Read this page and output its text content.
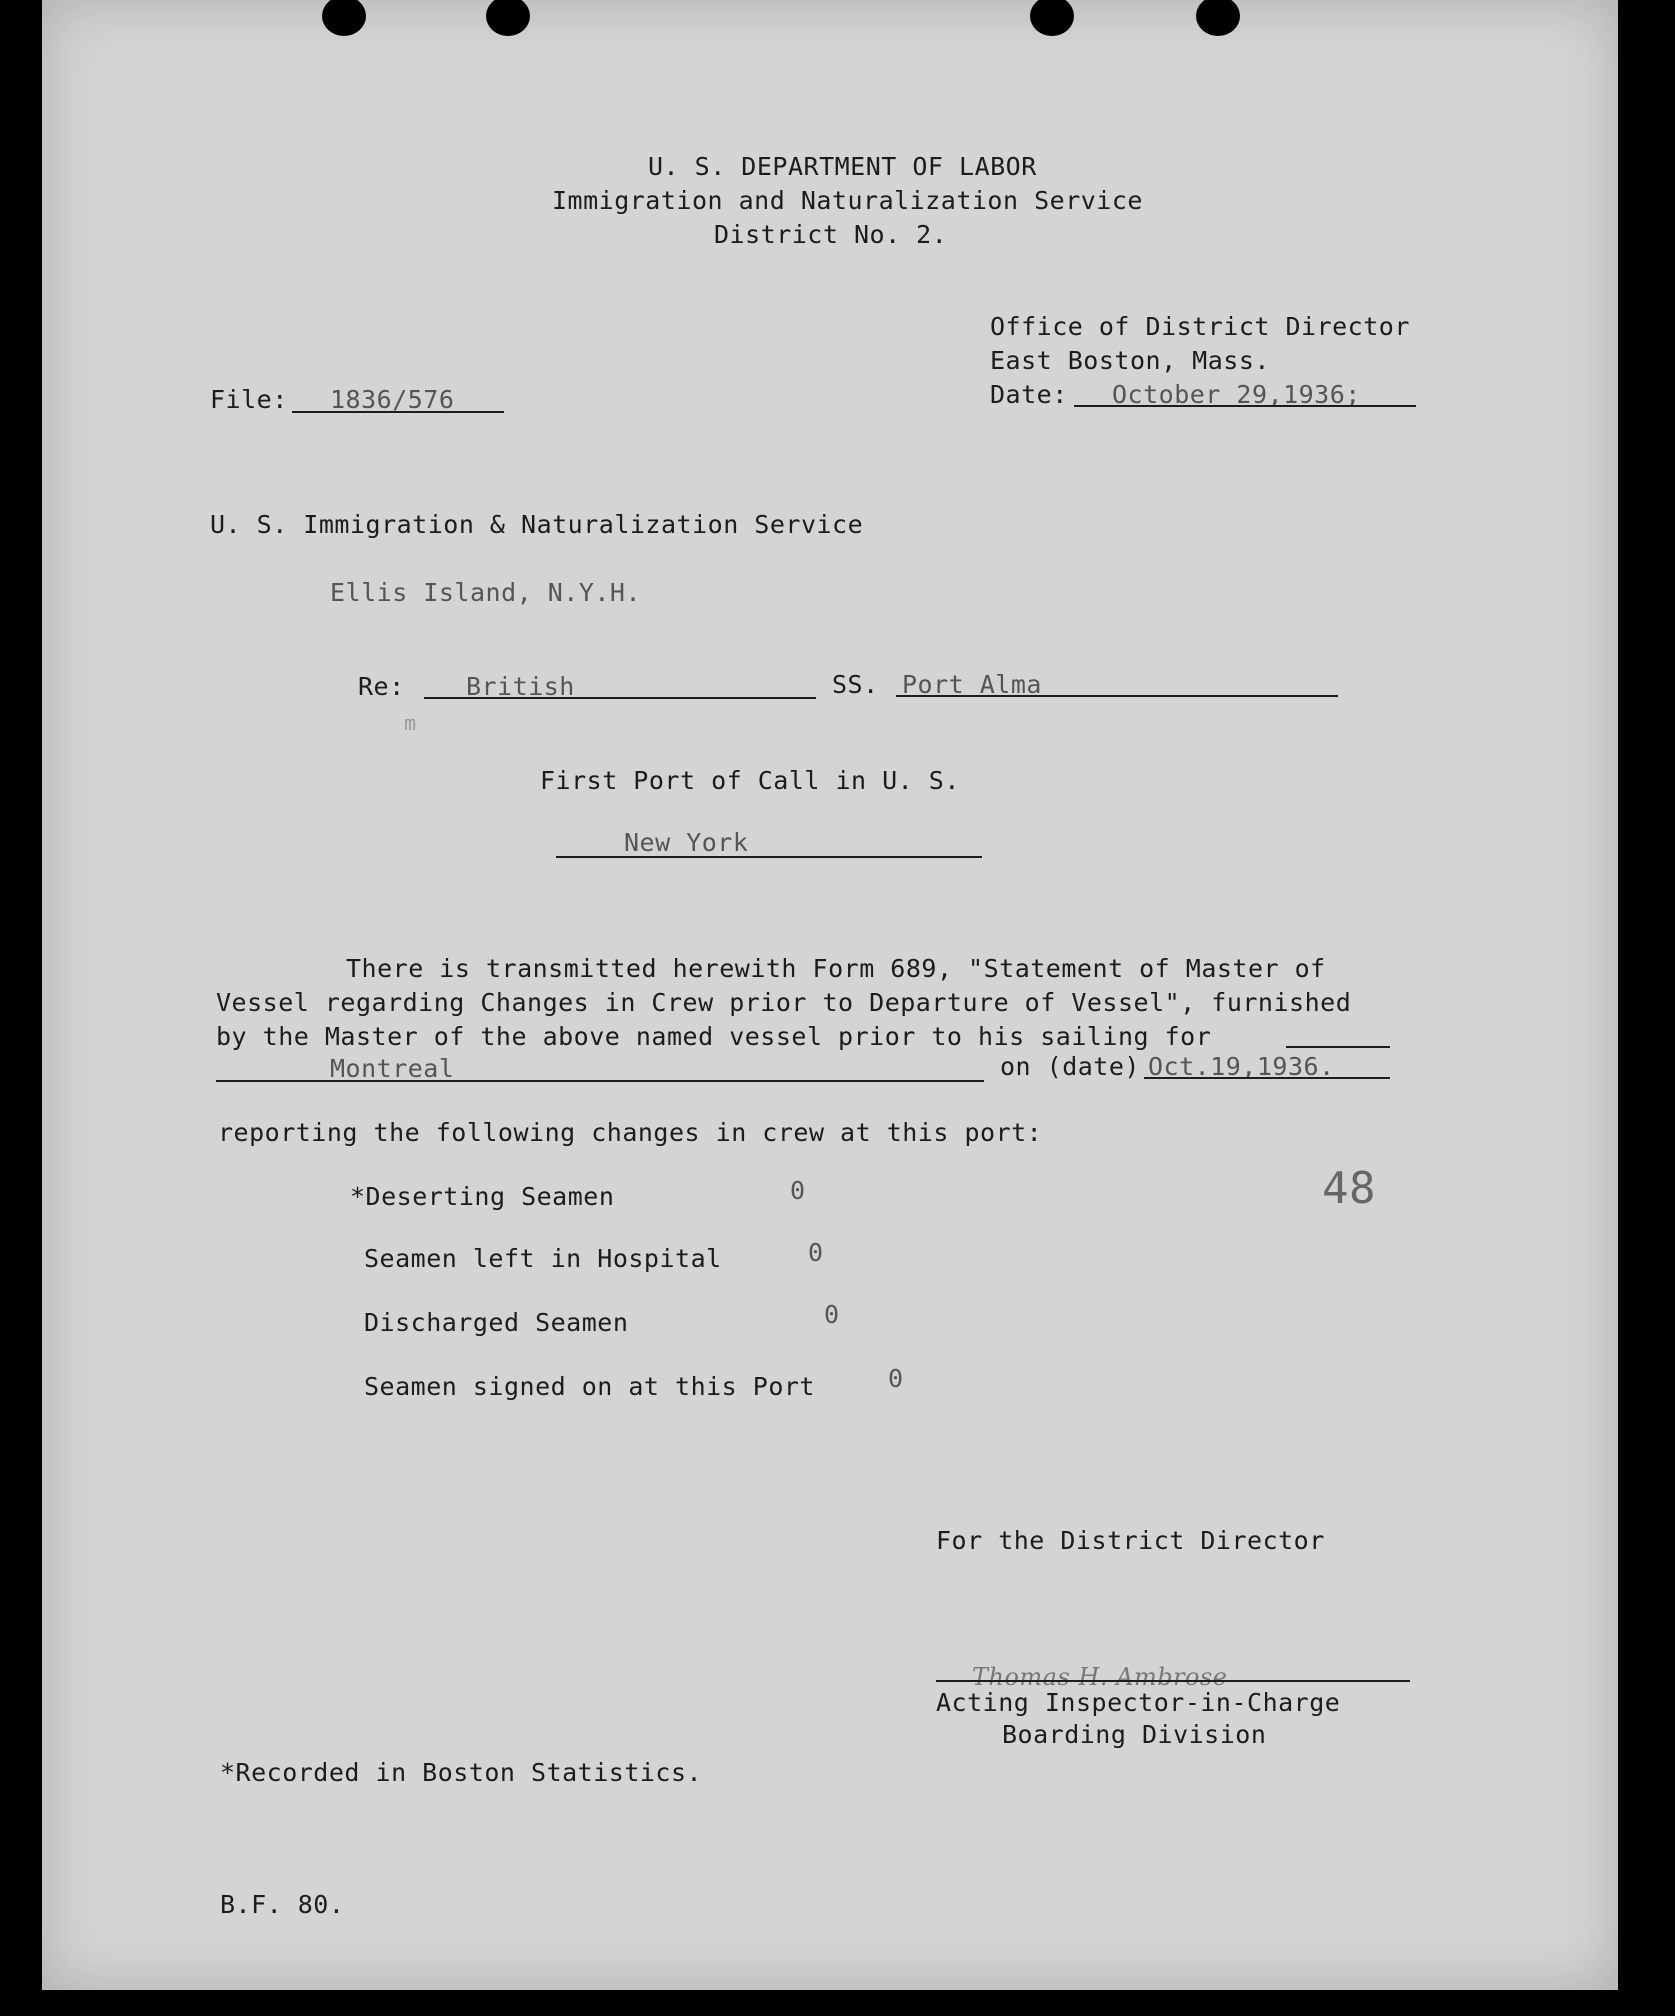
U. S. DEPARTMENT OF LABOR
Immigration and Naturalization Service
District No. 2.
Office of District Director
East Boston, Mass.
Date: October 29,1936;
File: 1836/576
U. S. Immigration & Naturalization Service
Ellis Island, N.Y.H.
Re: British	SS. Port Alma
m
First Port of Call in U. S.
New York
There is transmitted herewith Form 689, "Statement of Master of
Vessel regarding Changes in Crew prior to Departure of Vessel", furnished
by the Master of the above named vessel prior to his sailing for
Montreal	on (date) Oct.19,1936.
reporting the following changes in crew at this port:
*Deserting Seamen	0
Seamen left in Hospital	0
Discharged Seamen	0
Seamen signed on at this Port	0
48
For the District Director
Thomas H. Ambrose
Acting Inspector-in-Charge
Boarding Division
*Recorded in Boston Statistics.
B.F. 80.
